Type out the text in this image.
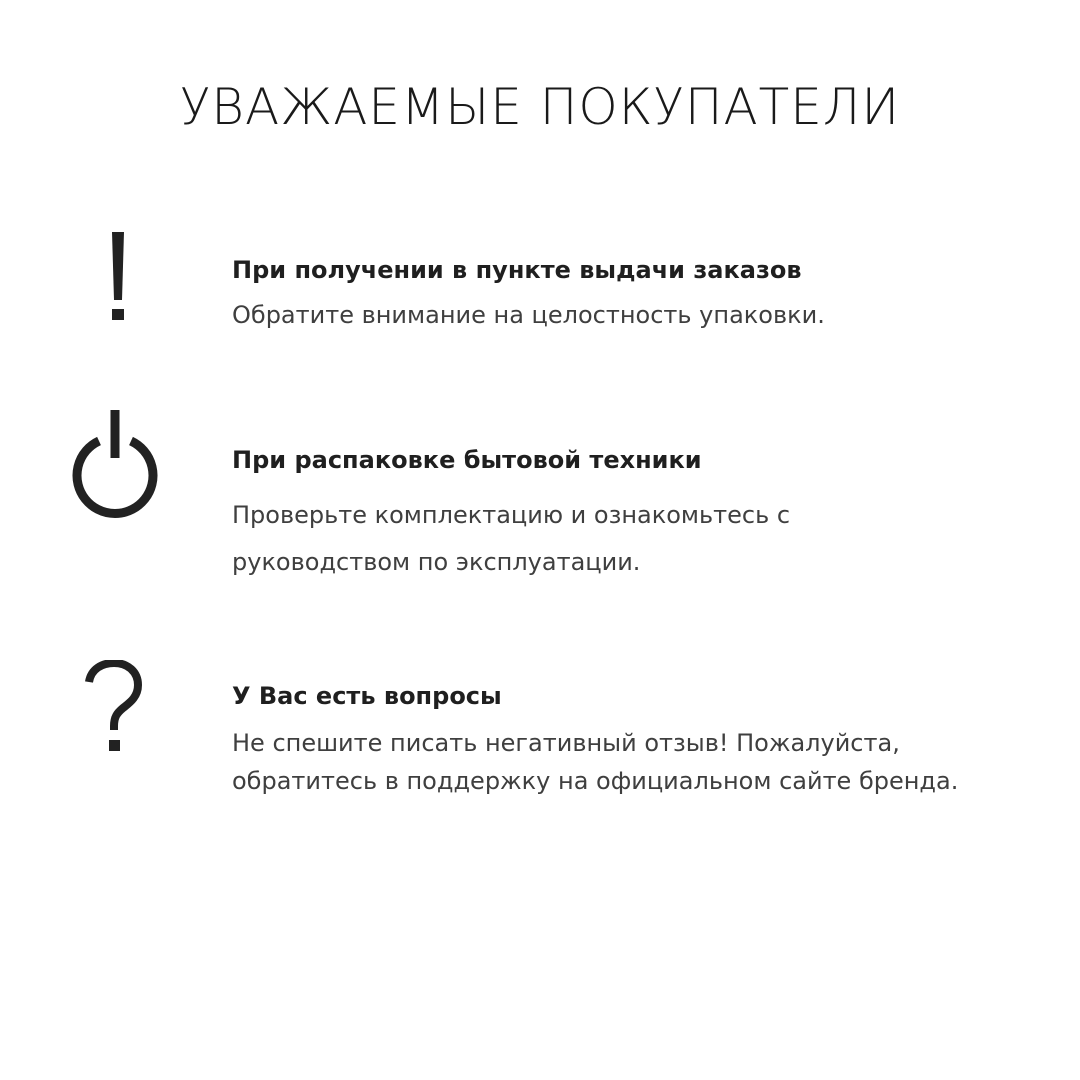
УВАЖАЕМЫЕ ПОКУПАТЕЛИ

При получении в пункте выдачи заказов

Обратите внимание на целостность упаковки.

При распаковке бытовой техники

Проверьте комплектацию и ознакомьтесь с руководством по эксплуатации.

У Вас есть вопросы

Не спешите писать негативный отзыв! Пожалуйста, обратитесь в поддержку на официальном сайте бренда.
